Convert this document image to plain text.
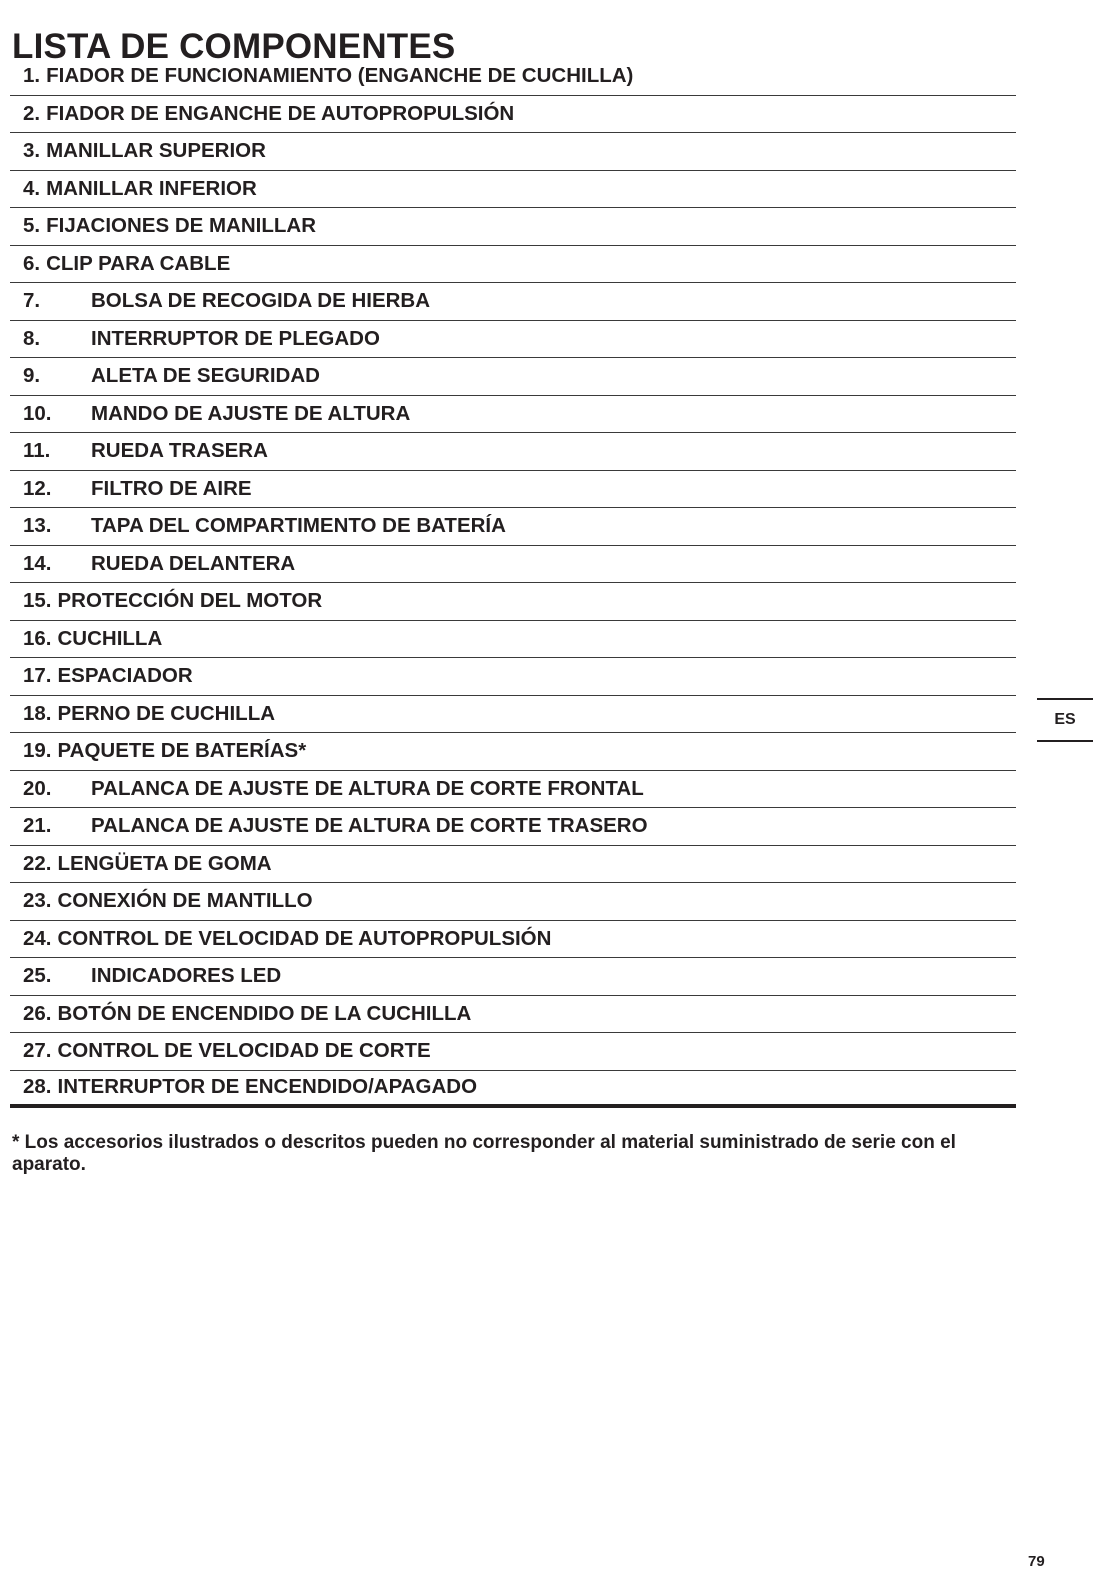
LISTA DE COMPONENTES
1. FIADOR DE FUNCIONAMIENTO (ENGANCHE DE CUCHILLA)
2. FIADOR DE ENGANCHE DE AUTOPROPULSIÓN
3. MANILLAR SUPERIOR
4. MANILLAR INFERIOR
5. FIJACIONES DE MANILLAR
6. CLIP PARA CABLE
7.	BOLSA DE RECOGIDA DE HIERBA
8.	INTERRUPTOR DE PLEGADO
9.	ALETA DE SEGURIDAD
10.	MANDO DE AJUSTE DE ALTURA
11.	RUEDA TRASERA
12.	FILTRO DE AIRE
13.	TAPA DEL COMPARTIMENTO DE BATERÍA
14.	RUEDA DELANTERA
15. PROTECCIÓN DEL MOTOR
16. CUCHILLA
17. ESPACIADOR
18. PERNO DE CUCHILLA
19. PAQUETE DE BATERÍAS*
20.	PALANCA DE AJUSTE DE ALTURA DE CORTE FRONTAL
21.	PALANCA DE AJUSTE DE ALTURA DE CORTE TRASERO
22. LENGÜETA DE GOMA
23. CONEXIÓN DE MANTILLO
24. CONTROL DE VELOCIDAD DE AUTOPROPULSIÓN
25.	INDICADORES LED
26. BOTÓN DE ENCENDIDO DE LA CUCHILLA
27. CONTROL DE VELOCIDAD DE CORTE
28. INTERRUPTOR DE ENCENDIDO/APAGADO
* Los accesorios ilustrados o descritos pueden no corresponder al material suministrado de serie con el aparato.
ES
79
